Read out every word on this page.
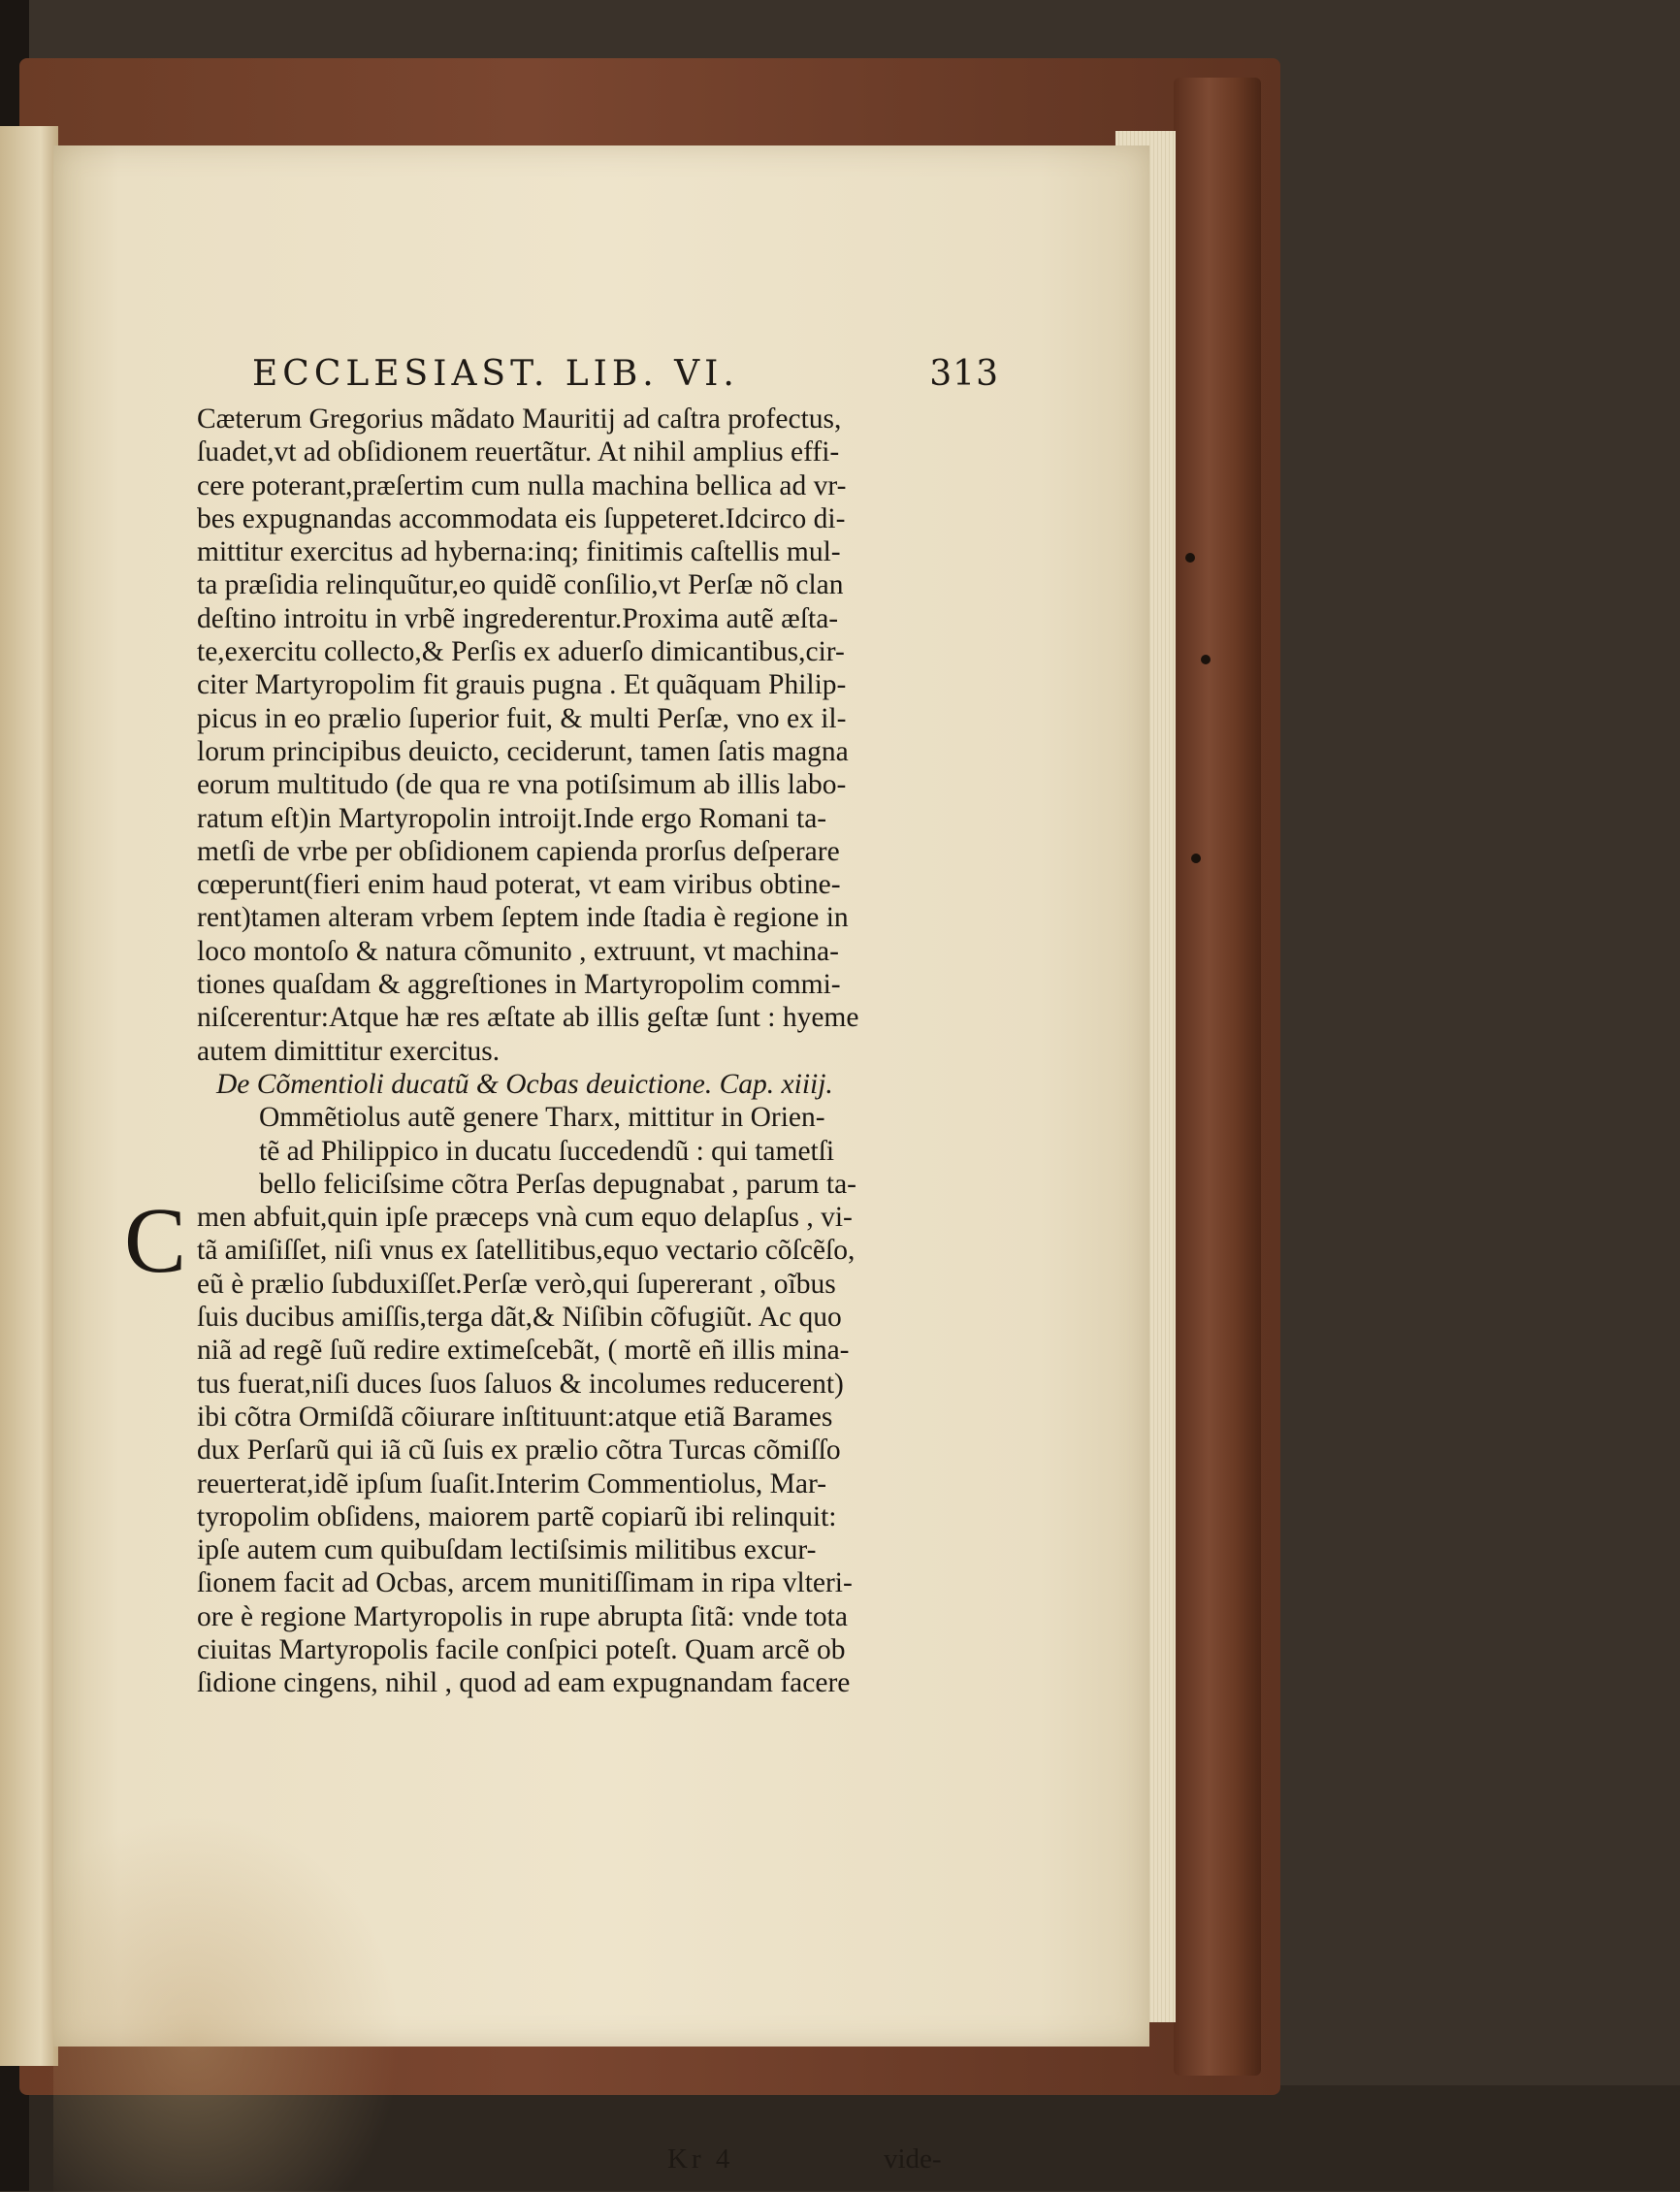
ECCLESIAST. LIB. VI.	313
Cæterum Gregorius mãdato Mauritij ad caſtra profectus,
ſuadet,vt ad obſidionem reuertãtur. At nihil amplius effi-
cere poterant,præſertim cum nulla machina bellica ad vr-
bes expugnandas accommodata eis ſuppeteret.Idcirco di-
mittitur exercitus ad hyberna:inq; finitimis caſtellis mul-
ta præſidia relinquũtur,eo quidẽ conſilio,vt Perſæ nõ clan
deſtino introitu in vrbẽ ingrederentur.Proxima autẽ æſta-
te,exercitu collecto,& Perſis ex aduerſo dimicantibus,cir-
citer Martyropolim fit grauis pugna . Et quãquam Philip-
picus in eo prælio ſuperior fuit, & multi Perſæ, vno ex il-
lorum principibus deuicto, ceciderunt, tamen ſatis magna
eorum multitudo (de qua re vna potiſsimum ab illis labo-
ratum eſt)in Martyropolin introijt.Inde ergo Romani ta-
metſi de vrbe per obſidionem capienda prorſus deſperare
cœperunt(fieri enim haud poterat, vt eam viribus obtine-
rent)tamen alteram vrbem ſeptem inde ſtadia è regione in
loco montoſo & natura cõmunito , extruunt, vt machina-
tiones quaſdam & aggreſtiones in Martyropolim commi-
niſcerentur:Atque hæ res æſtate ab illis geſtæ ſunt : hyeme
autem dimittitur exercitus.
De Cõmentioli ducatũ & Ocbas deuictione. Cap. xiiij.
Ommẽtiolus autẽ genere Tharx, mittitur in Orien-
tẽ ad Philippico in ducatu ſuccedendũ : qui tametſi
bello feliciſsime cõtra Perſas depugnabat , parum ta-
men abfuit,quin ipſe præceps vnà cum equo delapſus , vi-
tã amiſiſſet, niſi vnus ex ſatellitibus,equo vectario cõſcẽſo,
eũ è prælio ſubduxiſſet.Perſæ verò,qui ſupererant , oĩbus
ſuis ducibus amiſſis,terga dãt,& Niſibin cõfugiũt. Ac quo
niã ad regẽ ſuũ redire extimeſcebãt, ( mortẽ eñ illis mina-
tus fuerat,niſi duces ſuos ſaluos & incolumes reducerent)
ibi cõtra Ormiſdã cõiurare inſtituunt:atque etiã Barames
dux Perſarũ qui iã cũ ſuis ex prælio cõtra Turcas cõmiſſo
reuerterat,idẽ ipſum ſuaſit.Interim Commentiolus, Mar-
tyropolim obſidens, maiorem partẽ copiarũ ibi relinquit:
ipſe autem cum quibuſdam lectiſsimis militibus excur-
ſionem facit ad Ocbas, arcem munitiſſimam in ripa vlteri-
ore è regione Martyropolis in rupe abrupta ſitã: vnde tota
ciuitas Martyropolis facile conſpici poteſt. Quam arcẽ ob
ſidione cingens, nihil , quod ad eam expugnandam facere
Kr 4	vide-
C
